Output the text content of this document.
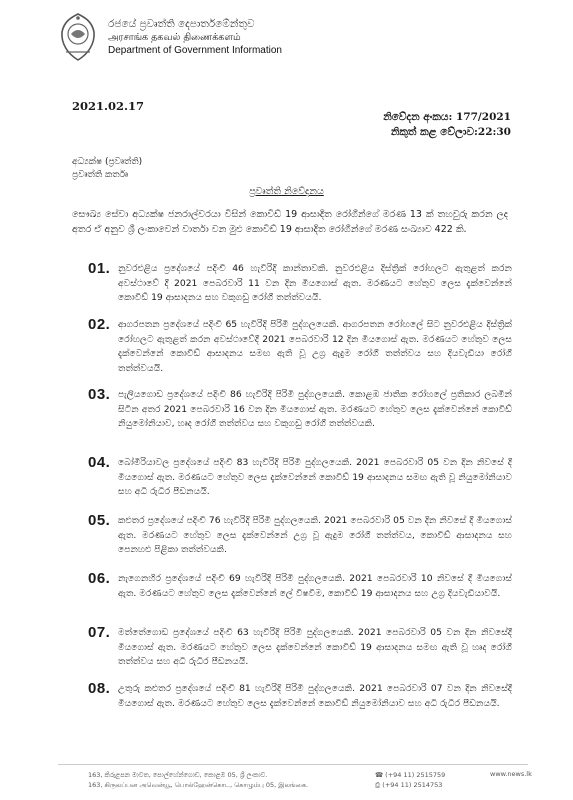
රජයේ ප්‍රවෘත්ති දෙපාර්තමේන්තුව
அரசாங்க தகவல் திணைக்களம்
Department of Government Information
2021.02.17
නිවේදන අංකය: 177/2021
නිකුත් කළ වේලාව:22:30
අධ්‍යක්ෂ (ප්‍රවෘත්ති)
ප්‍රවෘත්ති කර්තෘ
ප්‍රවෘත්ති නිවේදනය
සෞඛ්‍ය සේවා අධ්‍යක්ෂ ජනරාල්වරයා විසින් කොවිඩ් 19 ආසාදිත රෝගීන්ගේ මරණ 13 ක් තහවුරු කරන ලද අතර ඒ අනුව ශ්‍රී ලංකාවෙන් වාර්තා වන මුළු කොවිඩ් 19 ආසාදිත රෝගීන්ගේ මරණ සංඛ්‍යාව 422 කි.
01. නුවරඑළිය ප්‍රදේශයේ පදිංචි 46 හැවිරිදි කාන්තාවකි. නුවරඑළිය දිස්ත්‍රික් රෝහලට ඇතුළත් කරන අවස්ථාවේ දී 2021 පෙබරවාරි 11 වන දින මියගොස් ඇත. මරණයට හේතුව ලෙස දැක්වෙන්නේ කොවිඩ් 19 ආසාදනය සහ වකුගඩු රෝගී තත්ත්වයයි.
02. ආගරපතන ප්‍රදේශයේ පදිංචි 65 හැවිරිදි පිරිමි පුද්ගලයෙකි. ආගරපතන රෝහලේ සිට නුවරඑළිය දිස්ත්‍රික් රෝහලට ඇතුළත් කරන අවස්ථාවේදී 2021 පෙබරවාරි 12 දින මියගොස් ඇත. මරණයට හේතුව ලෙස දැක්වෙන්නේ කොවිඩ් ආසාදනය සමඟ ඇති වූ උග්‍ර ඇදුම රෝගී තත්ත්වය සහ දියවැඩියා රෝගී තත්ත්වයයි.
03. පැලියගොඩ ප්‍රදේශයේ පදිංචි 86 හැවිරිදි පිරිමි පුද්ගලයෙකි. කොළඹ ජාතික රෝහලේ ප්‍රතිකාර ලබමින් සිටින අතර 2021 පෙබරවාරි 16 වන දින මියගොස් ඇත. මරණයට හේතුව ලෙස දැක්වෙන්නේ කොවිඩ් නියුමෝනියාව, හෘද රෝගී තත්ත්වය සහ වකුගඩු රෝගී තත්ත්වයකි.
04. බෝමිරියාවල ප්‍රදේශයේ පදිංචි 83 හැවිරිදි පිරිමි පුද්ගලයෙකි. 2021 පෙබරවාරි 05 වන දින නිවසේ දී මියගොස් ඇත. මරණයට හේතුව ලෙස දැක්වෙන්නේ කොවිඩ් 19 ආසාදනය සමඟ ඇති වූ නියුමෝනියාව සහ අධි රුධිර පීඩනයයි.
05. කළුතර ප්‍රදේශයේ පදිංචි 76 හැවිරිදි පිරිමි පුද්ගලයෙකි. 2021 පෙබරවාරි 05 වන දින නිවසේ දී මියගොස් ඇත. මරණයට හේතුව ලෙස දැක්වෙන්නේ උග්‍ර වූ ඇදුම රෝගී තත්ත්වය, කොවිඩ් ආසාදනය සහ පෙනහළු පිළිකා තත්ත්වයකි.
06. නැගෙනහිර ප්‍රදේශයේ පදිංචි 69 හැවිරිදි පිරිමි පුද්ගලයෙකි. 2021 පෙබරවාරි 10 නිවසේ දී මියගොස් ඇත. මරණයට හේතුව ලෙස දැක්වෙන්නේ ලේ විෂවීම, කොවිඩ් 19 ආසාදනය සහ උග්‍ර දියවැඩියාවයි.
07. මත්තේගොඩ ප්‍රදේශයේ පදිංචි 63 හැවිරිදි පිරිමි පුද්ගලයෙකි. 2021 පෙබරවාරි 05 වන දින නිවසේදී මියගොස් ඇත. මරණයට හේතුව ලෙස දැක්වෙන්නේ කොවිඩ් 19 ආසාදනය සමඟ ඇති වූ හෘද රෝගී තත්ත්වය සහ අධි රුධිර පීඩනයයි.
08. උතුරු කළුතර ප්‍රදේශයේ පදිංචි 81 හැවිරිදි පිරිමි පුද්ගලයෙකි. 2021 පෙබරවාරි 07 වන දින නිවසේදී මියගොස් ඇත. මරණයට හේතුව ලෙස දැක්වෙන්නේ කොවිඩ් නියුමෝනියාව සහ අධි රුධිර පීඩනයයි.
163, කිරුළපන මාවත, පොල්හේන්ගොඩ, කොළඹ 05, ශ්‍රී ලංකාව.
163, கிருலப்பன அவென்யூ, பொல்ஹேன்கொட, கொழும்பு 05, இலங்கை.
☎ (+94 11) 2515759
⎙ (+94 11) 2514753
www.news.lk
